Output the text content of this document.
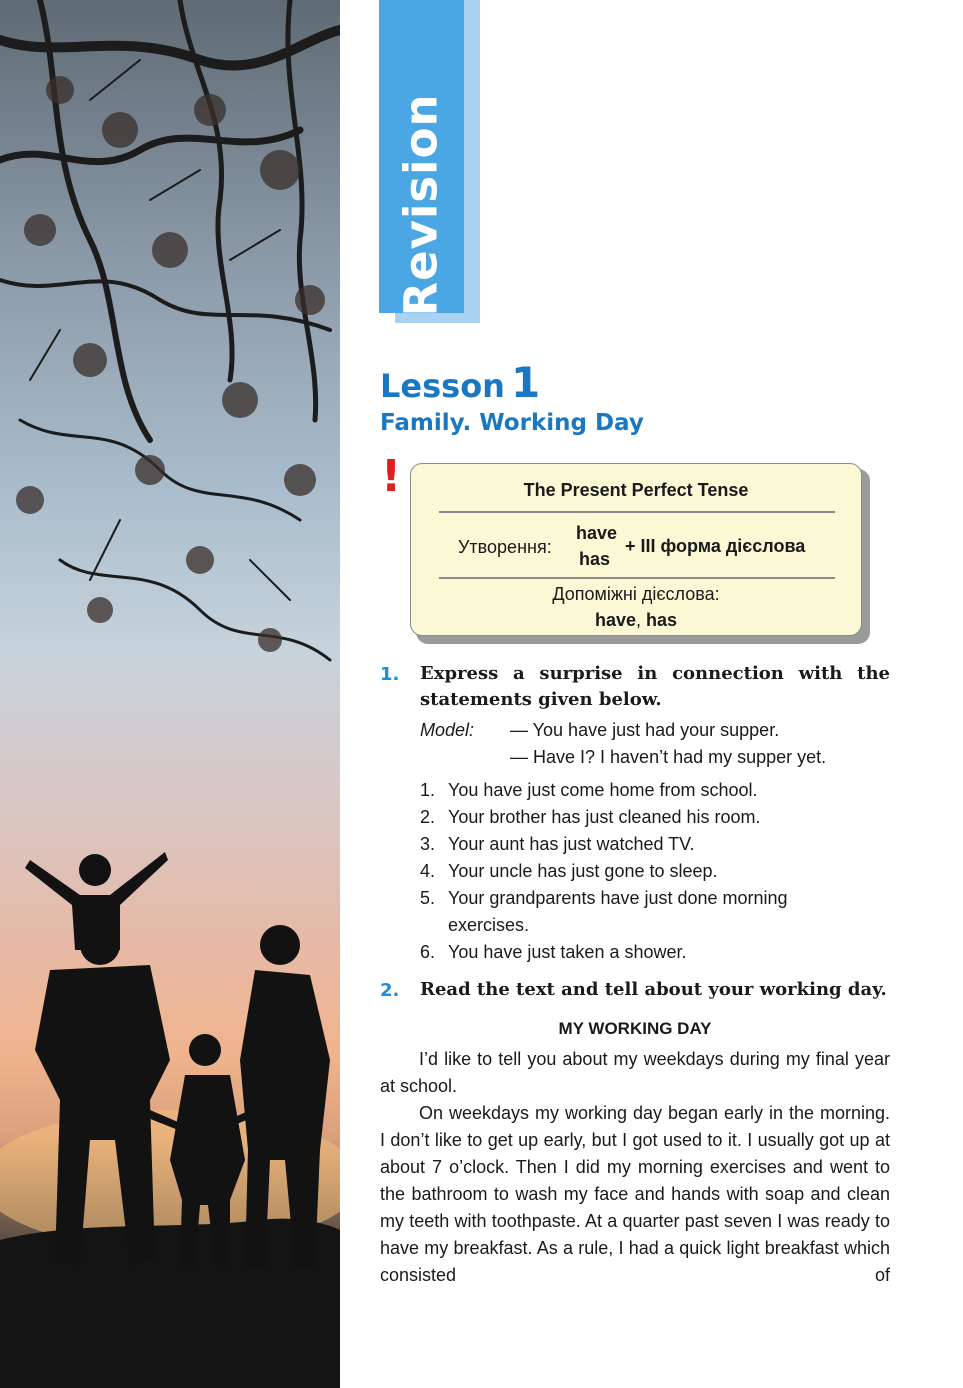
Revision
Lesson 1
Family. Working Day
!	The Present Perfect Tense
Утворення:
have
has
+ III форма дієслова
Допоміжні дієслова:
have, has
1. Express a surprise in connection with the statements given below.
Model: — You have just had your supper.
— Have I? I haven’t had my supper yet.
1. You have just come home from school.
2. Your brother has just cleaned his room.
3. Your aunt has just watched TV.
4. Your uncle has just gone to sleep.
5. Your grandparents have just done morning exercises.
6. You have just taken a shower.
2. Read the text and tell about your working day.
MY WORKING DAY

I’d like to tell you about my weekdays during my final year at school.

On weekdays my working day began early in the morning. I don’t like to get up early, but I got used to it. I usually got up at about 7 o’clock. Then I did my morning exercises and went to the bathroom to wash my face and hands with soap and clean my teeth with toothpaste. At a quarter past seven I was ready to have my breakfast. As a rule, I had a quick light breakfast which consisted of
